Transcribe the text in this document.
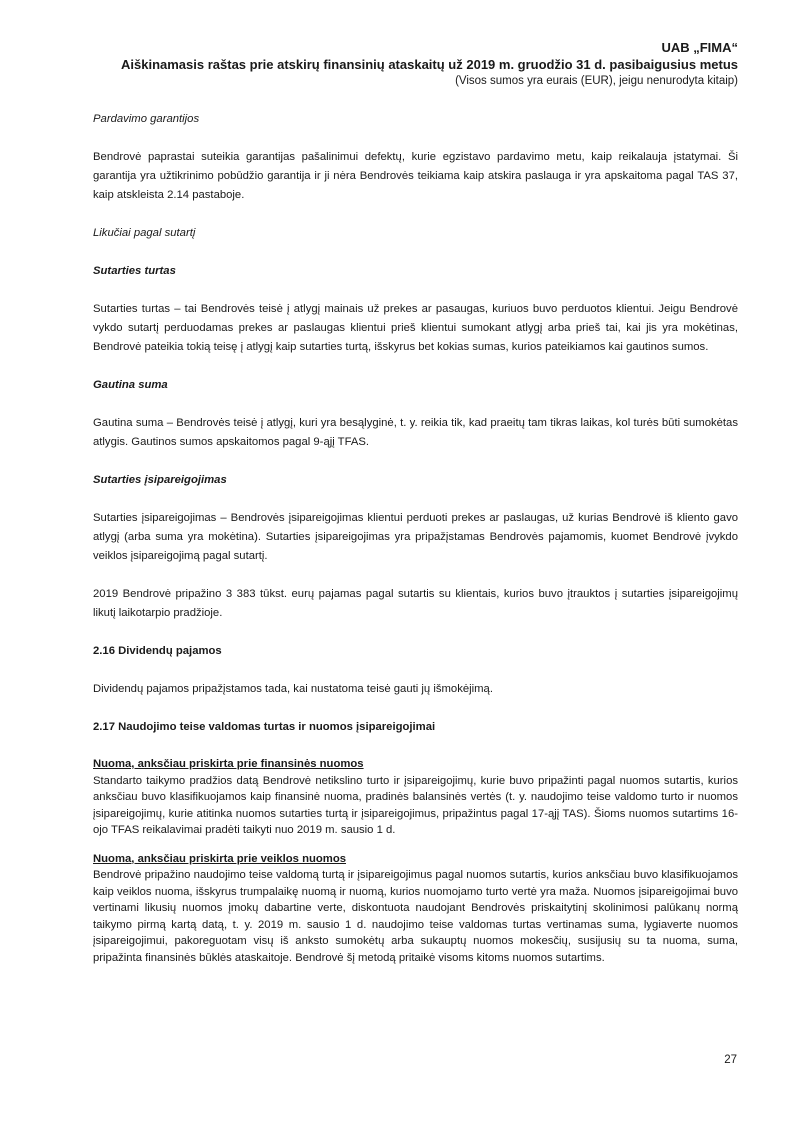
UAB „FIMA“
Aiškinamasis raštas prie atskirų finansinių ataskaitų už 2019 m. gruodžio 31 d. pasibaigusius metus
(Visos sumos yra eurais (EUR), jeigu nenurodyta kitaip)

Pardavimo garantijos

Bendrovė paprastai suteikia garantijas pašalinimui defektų, kurie egzistavo pardavimo metu, kaip reikalauja įstatymai. Ši garantija yra užtikrinimo pobūdžio garantija ir ji nėra Bendrovės teikiama kaip atskira paslauga ir yra apskaitoma pagal TAS 37, kaip atskleista 2.14 pastaboje.

Likučiai pagal sutartį

Sutarties turtas

Sutarties turtas – tai Bendrovės teisė į atlygį mainais už prekes ar pasaugas, kuriuos buvo perduotos klientui. Jeigu Bendrovė vykdo sutartį perduodamas prekes ar paslaugas klientui prieš klientui sumokant atlygį arba prieš tai, kai jis yra mokėtinas, Bendrovė pateikia tokią teisę į atlygį kaip sutarties turtą, išskyrus bet kokias sumas, kurios pateikiamos kai gautinos sumos.

Gautina suma

Gautina suma – Bendrovės teisė į atlygį, kuri yra besąlyginė, t. y. reikia tik, kad praeitų tam tikras laikas, kol turės būti sumokėtas atlygis. Gautinos sumos apskaitomos pagal 9-ąjį TFAS.

Sutarties įsipareigojimas

Sutarties įsipareigojimas – Bendrovės įsipareigojimas klientui perduoti prekes ar paslaugas, už kurias Bendrovė iš kliento gavo atlygį (arba suma yra mokėtina). Sutarties įsipareigojimas yra pripažįstamas Bendrovės pajamomis, kuomet Bendrovė įvykdo veiklos įsipareigojimą pagal sutartį.

2019 Bendrovė pripažino 3 383 tūkst. eurų pajamas pagal sutartis su klientais, kurios buvo įtrauktos į sutarties įsipareigojimų likutį laikotarpio pradžioje.

2.16 Dividendų pajamos

Dividendų pajamos pripažįstamos tada, kai nustatoma teisė gauti jų išmokėjimą.

2.17 Naudojimo teise valdomas turtas ir nuomos įsipareigojimai

Nuoma, anksčiau priskirta prie finansinės nuomos

Standarto taikymo pradžios datą Bendrovė netikslino turto ir įsipareigojimų, kurie buvo pripažinti pagal nuomos sutartis, kurios anksčiau buvo klasifikuojamos kaip finansinė nuoma, pradinės balansinės vertės (t. y. naudojimo teise valdomo turto ir nuomos įsipareigojimų, kurie atitinka nuomos sutarties turtą ir įsipareigojimus, pripažintus pagal 17-ąjį TAS). Šioms nuomos sutartims 16-ojo TFAS reikalavimai pradėti taikyti nuo 2019 m. sausio 1 d.

Nuoma, anksčiau priskirta prie veiklos nuomos

Bendrovė pripažino naudojimo teise valdomą turtą ir įsipareigojimus pagal nuomos sutartis, kurios anksčiau buvo klasifikuojamos kaip veiklos nuoma, išskyrus trumpalaikę nuomą ir nuomą, kurios nuomojamo turto vertė yra maža. Nuomos įsipareigojimai buvo vertinami likusių nuomos įmokų dabartine verte, diskontuota naudojant Bendrovės priskaitytinį skolinimosi palūkanų normą taikymo pirmą kartą datą, t. y. 2019 m. sausio 1 d. naudojimo teise valdomas turtas vertinamas suma, lygiaverte nuomos įsipareigojimui, pakoreguotam visų iš anksto sumokėtų arba sukauptų nuomos mokesčių, susijusių su ta nuoma, suma, pripažinta finansinės būklės ataskaitoje. Bendrovė šį metodą pritaikė visoms kitoms nuomos sutartims.

27
